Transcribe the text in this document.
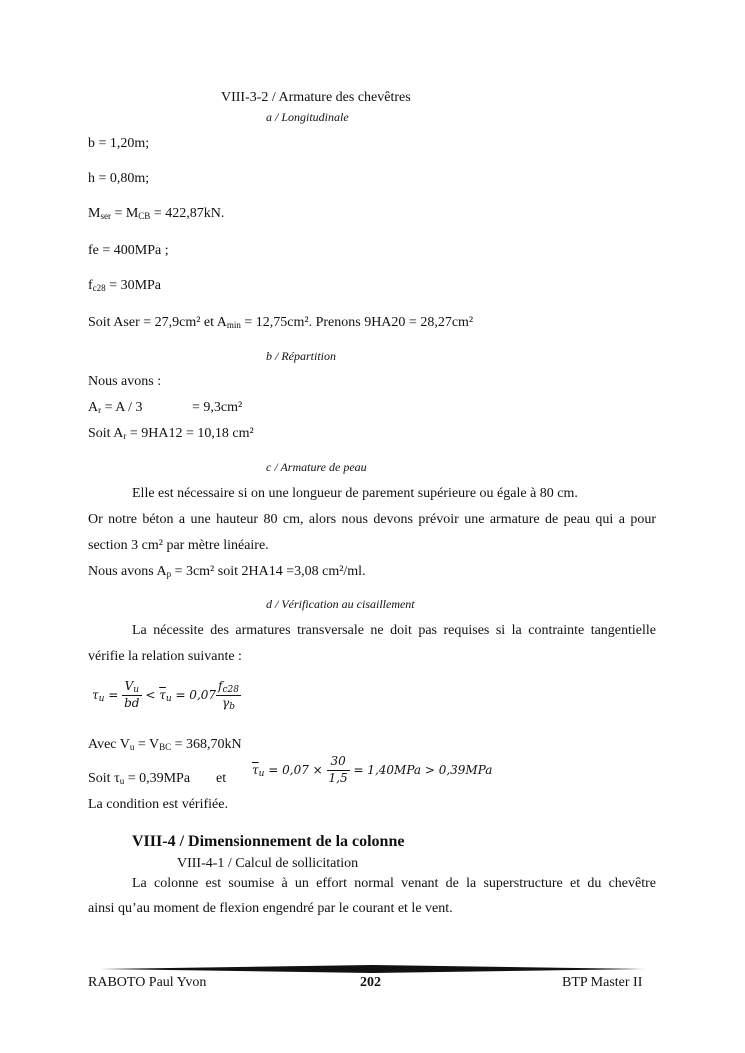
VIII-3-2 / Armature des chevêtres
a / Longitudinale
b = 1,20m;
h = 0,80m;
$M_{ser} = M_{CB} = 422,87kN$.
fe = 400MPa ;
$f_{c28} = 30MPa$
Soit Aser = 27,9cm² et $A_{min} = 12,75cm^2$. Prenons 9HA20 = 28,27cm²
b / Répartition
Nous avons :
$A_r = A / 3$	= 9,3cm²
Soit $A_r = 9HA12 = 10,18$ cm²
c / Armature de peau
Elle est nécessaire si on une longueur de parement supérieure ou égale à 80 cm.
Or notre béton a une hauteur 80 cm, alors nous devons prévoir une armature de peau qui a pour
section 3 cm² par mètre linéaire.
Nous avons $A_p = 3cm^2$ soit 2HA14 =3,08 cm²/ml.
d / Vérification au cisaillement
La nécessite des armatures transversale ne doit pas requises si la contrainte tangentielle
vérifie la relation suivante :
$\tau_u = \frac{V_u}{bd} < \overline{\tau}_u = 0,07 \frac{f_{c28}}{\gamma_b}$
Avec $V_u = V_{BC} = 368,70kN$
Soit $\tau_u = 0,39MPa$ et
$\overline{\tau}_u = 0,07 \times \frac{30}{1,5} = 1,40MPa > 0,39MPa$
La condition est vérifiée.
VIII-4 / Dimensionnement de la colonne
VIII-4-1 / Calcul de sollicitation
La colonne est soumise à un effort normal venant de la superstructure et du chevêtre
ainsi qu’au moment de flexion engendré par le courant et le vent.
RABOTO Paul Yvon	202	BTP Master II
